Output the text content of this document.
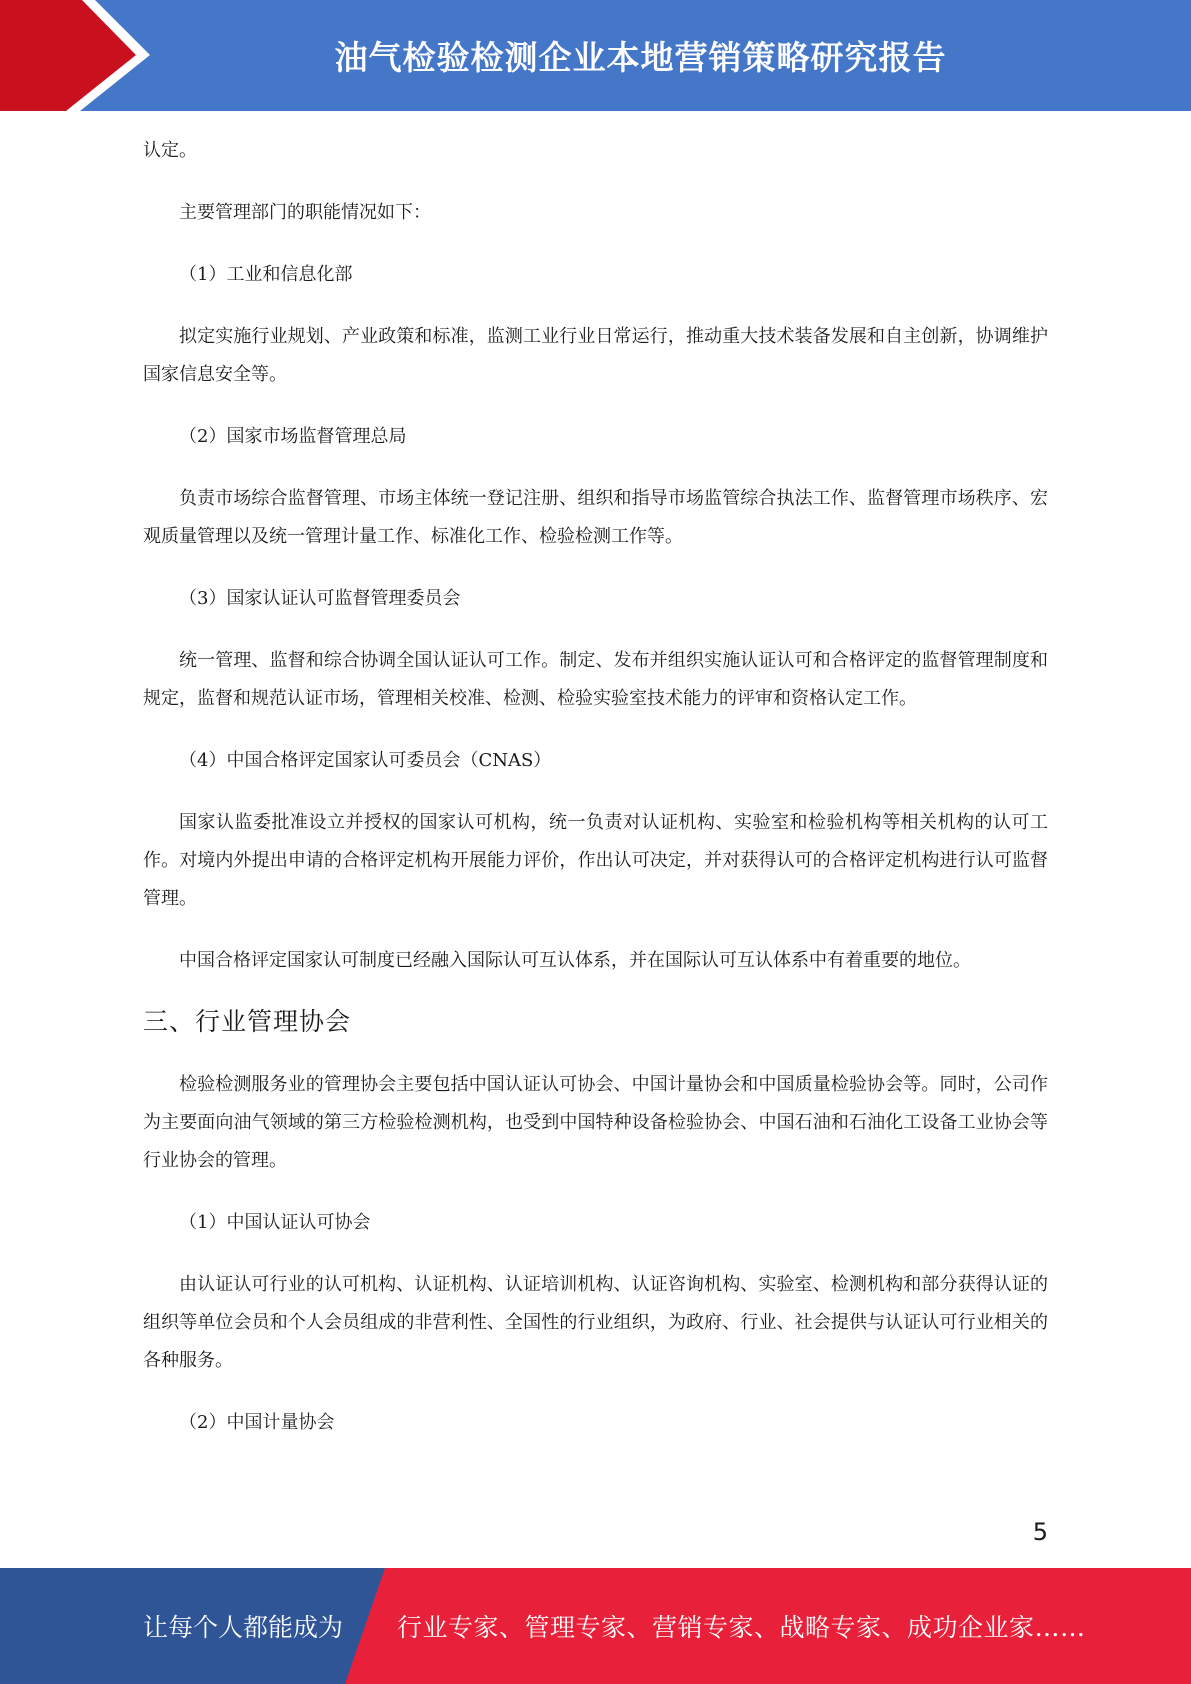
油气检验检测企业本地营销策略研究报告

认定。

主要管理部门的职能情况如下：

（1）工业和信息化部

拟定实施行业规划、产业政策和标准，监测工业行业日常运行，推动重大技术装备发展和自主创新，协调维护国家信息安全等。

（2）国家市场监督管理总局

负责市场综合监督管理、市场主体统一登记注册、组织和指导市场监管综合执法工作、监督管理市场秩序、宏观质量管理以及统一管理计量工作、标准化工作、检验检测工作等。

（3）国家认证认可监督管理委员会

统一管理、监督和综合协调全国认证认可工作。制定、发布并组织实施认证认可和合格评定的监督管理制度和规定，监督和规范认证市场，管理相关校准、检测、检验实验室技术能力的评审和资格认定工作。

（4）中国合格评定国家认可委员会（CNAS）

国家认监委批准设立并授权的国家认可机构，统一负责对认证机构、实验室和检验机构等相关机构的认可工作。对境内外提出申请的合格评定机构开展能力评价，作出认可决定，并对获得认可的合格评定机构进行认可监督管理。

中国合格评定国家认可制度已经融入国际认可互认体系，并在国际认可互认体系中有着重要的地位。

三、行业管理协会

检验检测服务业的管理协会主要包括中国认证认可协会、中国计量协会和中国质量检验协会等。同时，公司作为主要面向油气领域的第三方检验检测机构，也受到中国特种设备检验协会、中国石油和石油化工设备工业协会等行业协会的管理。

（1）中国认证认可协会

由认证认可行业的认可机构、认证机构、认证培训机构、认证咨询机构、实验室、检测机构和部分获得认证的组织等单位会员和个人会员组成的非营利性、全国性的行业组织，为政府、行业、社会提供与认证认可行业相关的各种服务。

（2）中国计量协会

5
让每个人都能成为 行业专家、管理专家、营销专家、战略专家、成功企业家……
